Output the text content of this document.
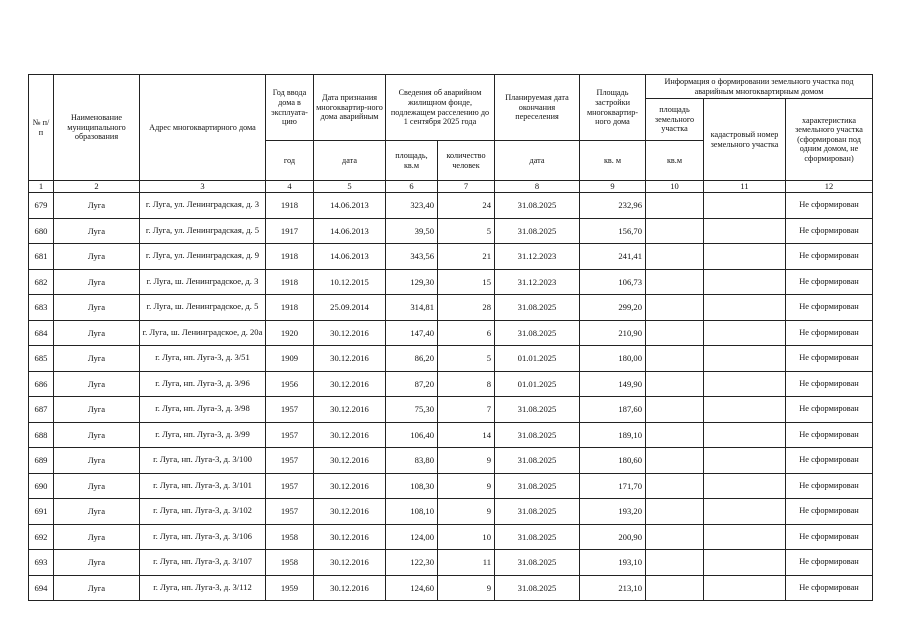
№ п/п	Наименование муниципального образования	Адрес многоквартирного дома	Год ввода дома в эксплуата-цию	Дата признания многоквартир-ного дома аварийным	Сведения об аварийном жилищном фонде, подлежащем расселению до 1 сентября 2025 года		Планируемая дата окончания переселения	Площадь застройки многоквартир-ного дома	Информация о формировании земельного участка под аварийным многоквартирным домом		
									площадь земельного участка	кадастровый номер земельного участка	характеристика земельного участка (сформирован под одним домом, не сформирован)
			год	дата	площадь, кв.м	количество человек	дата	кв. м	кв.м		
1	2	3	4	5	6	7	8	9	10	11	12
679	Луга	г. Луга, ул. Ленинградская, д. 3	1918	14.06.2013	323,40	24	31.08.2025	232,96			Не сформирован
680	Луга	г. Луга, ул. Ленинградская, д. 5	1917	14.06.2013	39,50	5	31.08.2025	156,70			Не сформирован
681	Луга	г. Луга, ул. Ленинградская, д. 9	1918	14.06.2013	343,56	21	31.12.2023	241,41			Не сформирован
682	Луга	г. Луга, ш. Ленинградское, д. 3	1918	10.12.2015	129,30	15	31.12.2023	106,73			Не сформирован
683	Луга	г. Луга, ш. Ленинградское, д. 5	1918	25.09.2014	314,81	28	31.08.2025	299,20			Не сформирован
684	Луга	г. Луга, ш. Ленинградское, д. 20а	1920	30.12.2016	147,40	6	31.08.2025	210,90			Не сформирован
685	Луга	г. Луга, нп. Луга-3, д. 3/51	1909	30.12.2016	86,20	5	01.01.2025	180,00			Не сформирован
686	Луга	г. Луга, нп. Луга-3, д. 3/96	1956	30.12.2016	87,20	8	01.01.2025	149,90			Не сформирован
687	Луга	г. Луга, нп. Луга-3, д. 3/98	1957	30.12.2016	75,30	7	31.08.2025	187,60			Не сформирован
688	Луга	г. Луга, нп. Луга-3, д. 3/99	1957	30.12.2016	106,40	14	31.08.2025	189,10			Не сформирован
689	Луга	г. Луга, нп. Луга-3, д. 3/100	1957	30.12.2016	83,80	9	31.08.2025	180,60			Не сформирован
690	Луга	г. Луга, нп. Луга-3, д. 3/101	1957	30.12.2016	108,30	9	31.08.2025	171,70			Не сформирован
691	Луга	г. Луга, нп. Луга-3, д. 3/102	1957	30.12.2016	108,10	9	31.08.2025	193,20			Не сформирован
692	Луга	г. Луга, нп. Луга-3, д. 3/106	1958	30.12.2016	124,00	10	31.08.2025	200,90			Не сформирован
693	Луга	г. Луга, нп. Луга-3, д. 3/107	1958	30.12.2016	122,30	11	31.08.2025	193,10			Не сформирован
694	Луга	г. Луга, нп. Луга-3, д. 3/112	1959	30.12.2016	124,60	9	31.08.2025	213,10			Не сформирован
